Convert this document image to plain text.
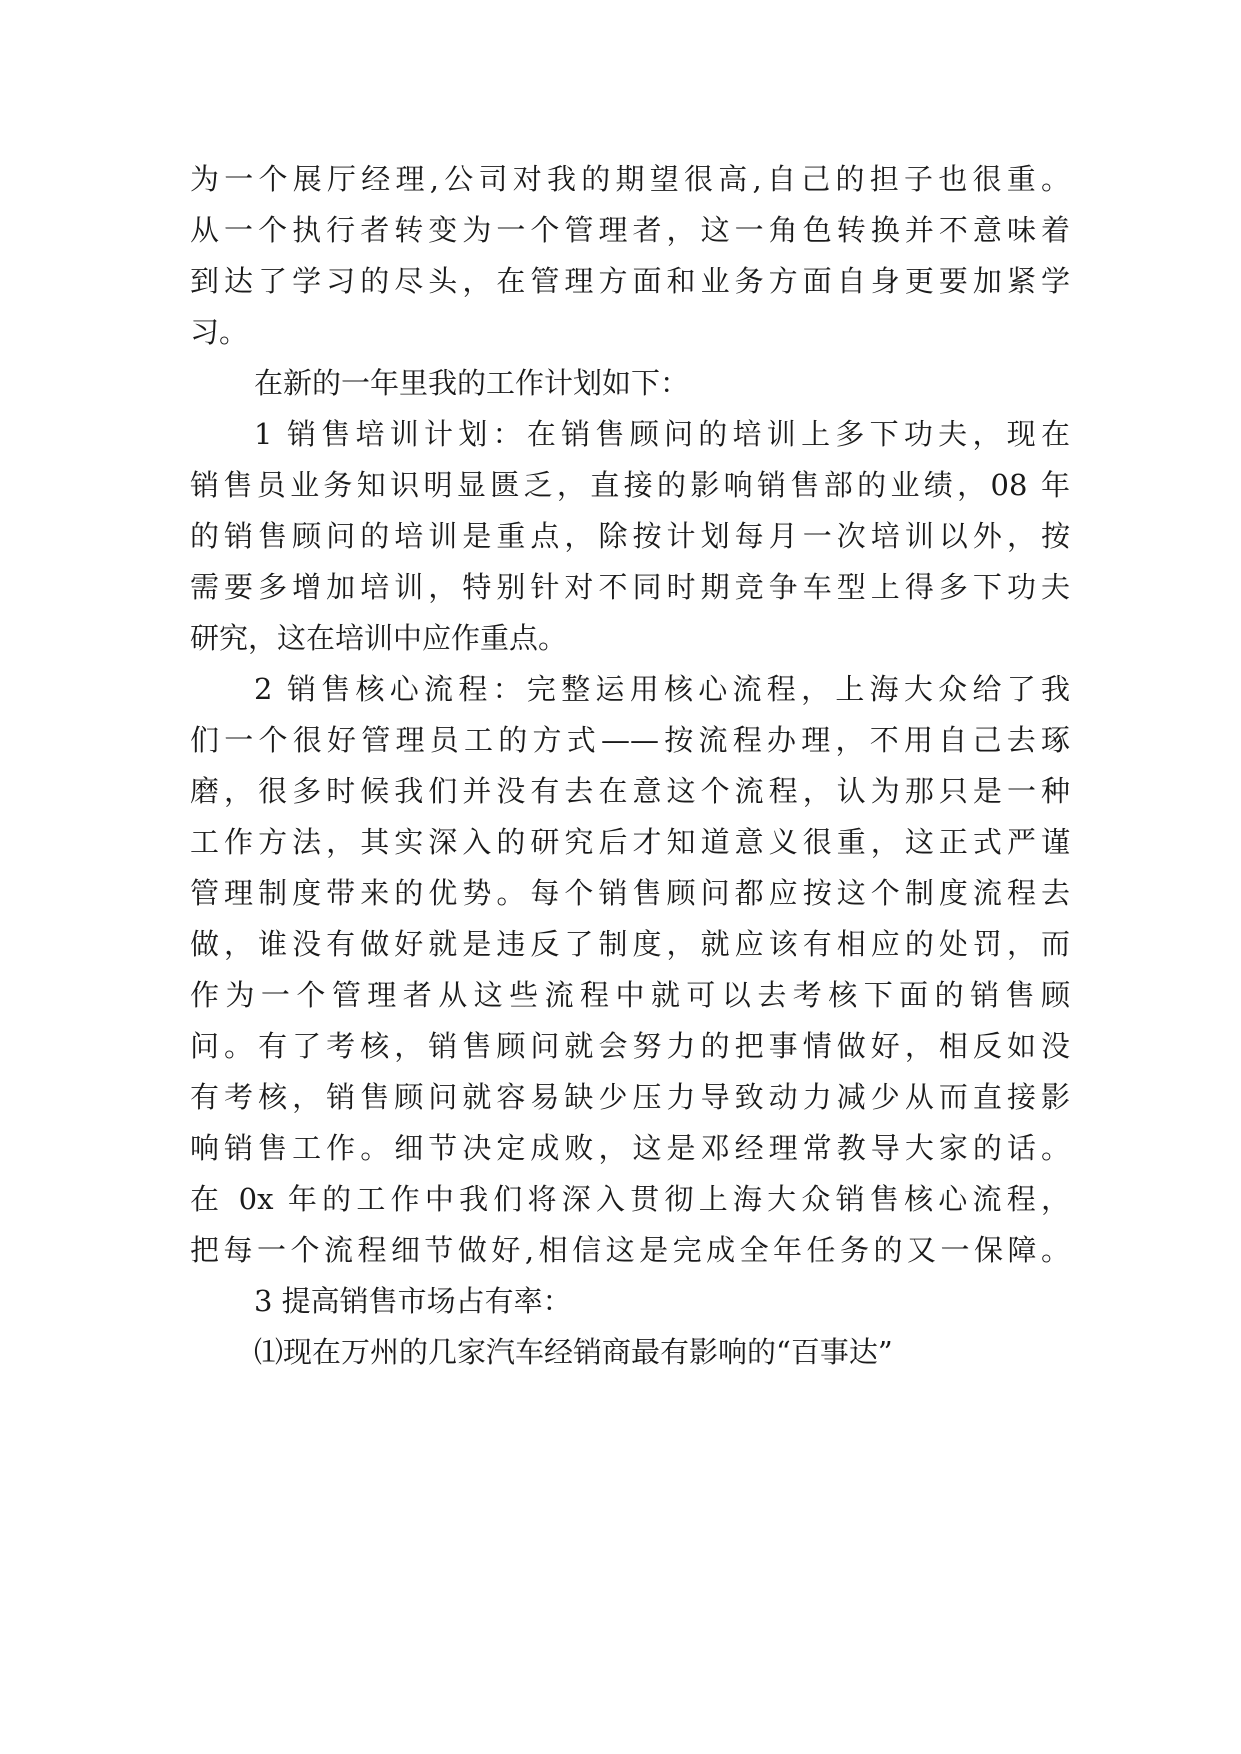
为一个展厅经理,公司对我的期望很高,自己的担子也很重。
从一个执行者转变为一个管理者，这一角色转换并不意味着
到达了学习的尽头，在管理方面和业务方面自身更要加紧学
习。
在新的一年里我的工作计划如下：
1 销售培训计划：在销售顾问的培训上多下功夫，现在
销售员业务知识明显匮乏，直接的影响销售部的业绩，08 年
的销售顾问的培训是重点，除按计划每月一次培训以外，按
需要多增加培训，特别针对不同时期竞争车型上得多下功夫
研究，这在培训中应作重点。
2 销售核心流程：完整运用核心流程，上海大众给了我
们一个很好管理员工的方式——按流程办理，不用自己去琢
磨，很多时候我们并没有去在意这个流程，认为那只是一种
工作方法，其实深入的研究后才知道意义很重，这正式严谨
管理制度带来的优势。每个销售顾问都应按这个制度流程去
做，谁没有做好就是违反了制度，就应该有相应的处罚，而
作为一个管理者从这些流程中就可以去考核下面的销售顾
问。有了考核，销售顾问就会努力的把事情做好，相反如没
有考核，销售顾问就容易缺少压力导致动力减少从而直接影
响销售工作。细节决定成败，这是邓经理常教导大家的话。
在 0x 年的工作中我们将深入贯彻上海大众销售核心流程，
把每一个流程细节做好,相信这是完成全年任务的又一保障。
3 提高销售市场占有率：
⑴现在万州的几家汽车经销商最有影响的“百事达”
